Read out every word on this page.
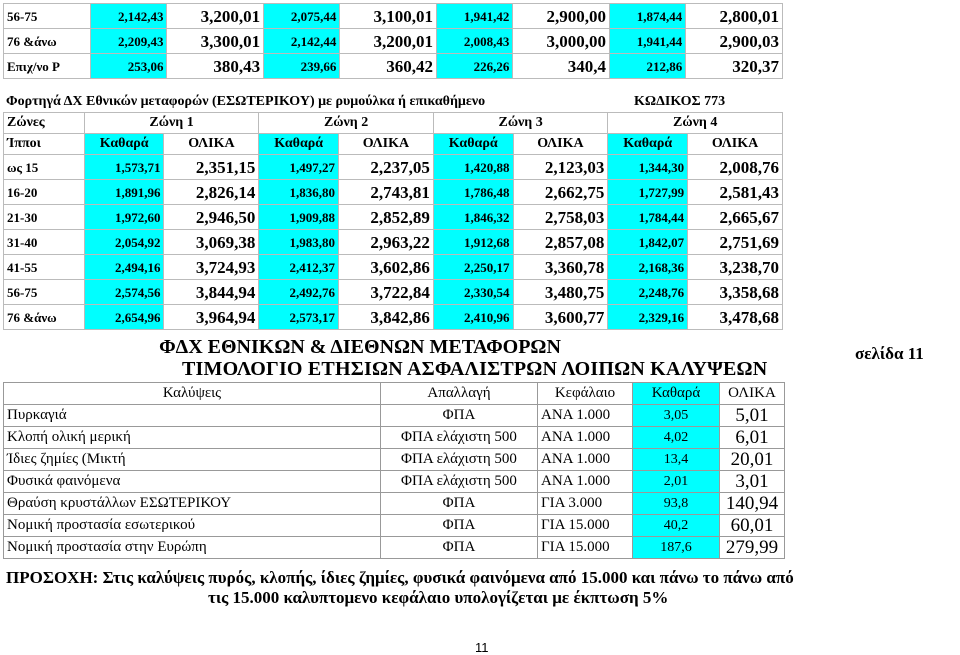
56-75	2,142,43	3,200,01	2,075,44	3,100,01	1,941,42	2,900,00	1,874,44	2,800,01
76 &άνω	2,209,43	3,300,01	2,142,44	3,200,01	2,008,43	3,000,00	1,941,44	2,900,03
Επιχ/νο Ρ	253,06	380,43	239,66	360,42	226,26	340,4	212,86	320,37
Φορτηγά ΔΧ Εθνικών μεταφορών (ΕΣΩΤΕΡΙΚΟΥ) με ρυμούλκα ή επικαθήμενο	ΚΩΔΙΚΟΣ 773
Ζώνες	Ζώνη 1		Ζώνη 2		Ζώνη 3		Ζώνη 4	
Ίπποι	Καθαρά	ΟΛΙΚΑ	Καθαρά	ΟΛΙΚΑ	Καθαρά	ΟΛΙΚΑ	Καθαρά	ΟΛΙΚΑ
ως 15	1,573,71	2,351,15	1,497,27	2,237,05	1,420,88	2,123,03	1,344,30	2,008,76
16-20	1,891,96	2,826,14	1,836,80	2,743,81	1,786,48	2,662,75	1,727,99	2,581,43
21-30	1,972,60	2,946,50	1,909,88	2,852,89	1,846,32	2,758,03	1,784,44	2,665,67
31-40	2,054,92	3,069,38	1,983,80	2,963,22	1,912,68	2,857,08	1,842,07	2,751,69
41-55	2,494,16	3,724,93	2,412,37	3,602,86	2,250,17	3,360,78	2,168,36	3,238,70
56-75	2,574,56	3,844,94	2,492,76	3,722,84	2,330,54	3,480,75	2,248,76	3,358,68
76 &άνω	2,654,96	3,964,94	2,573,17	3,842,86	2,410,96	3,600,77	2,329,16	3,478,68
σελίδα 11
ΦΔΧ ΕΘΝΙΚΩΝ & ΔΙΕΘΝΩΝ ΜΕΤΑΦΟΡΩΝ
ΤΙΜΟΛΟΓΙΟ ΕΤΗΣΙΩΝ ΑΣΦΑΛΙΣΤΡΩΝ ΛΟΙΠΩΝ ΚΑΛΥΨΕΩΝ
Καλύψεις	Απαλλαγή	Κεφάλαιο	Καθαρά	ΟΛΙΚΑ
Πυρκαγιά	ΦΠΑ	ΑΝΑ 1.000	3,05	5,01
Κλοπή ολική μερική	ΦΠΑ ελάχιστη 500	ΑΝΑ 1.000	4,02	6,01
Ίδιες ζημίες (Μικτή	ΦΠΑ ελάχιστη 500	ΑΝΑ 1.000	13,4	20,01
Φυσικά φαινόμενα	ΦΠΑ ελάχιστη 500	ΑΝΑ 1.000	2,01	3,01
Θραύση κρυστάλλων ΕΣΩΤΕΡΙΚΟΥ	ΦΠΑ	ΓΙΑ 3.000	93,8	140,94
Νομική προστασία εσωτερικού	ΦΠΑ	ΓΙΑ 15.000	40,2	60,01
Νομική προστασία στην Ευρώπη	ΦΠΑ	ΓΙΑ 15.000	187,6	279,99
ΠΡΟΣΟΧΗ: Στις καλύψεις πυρός, κλοπής, ίδιες ζημίες, φυσικά φαινόμενα από 15.000 και πάνω το πάνω από
τις 15.000 καλυπτομενο κεφάλαιο υπολογίζεται με έκπτωση 5%
11
